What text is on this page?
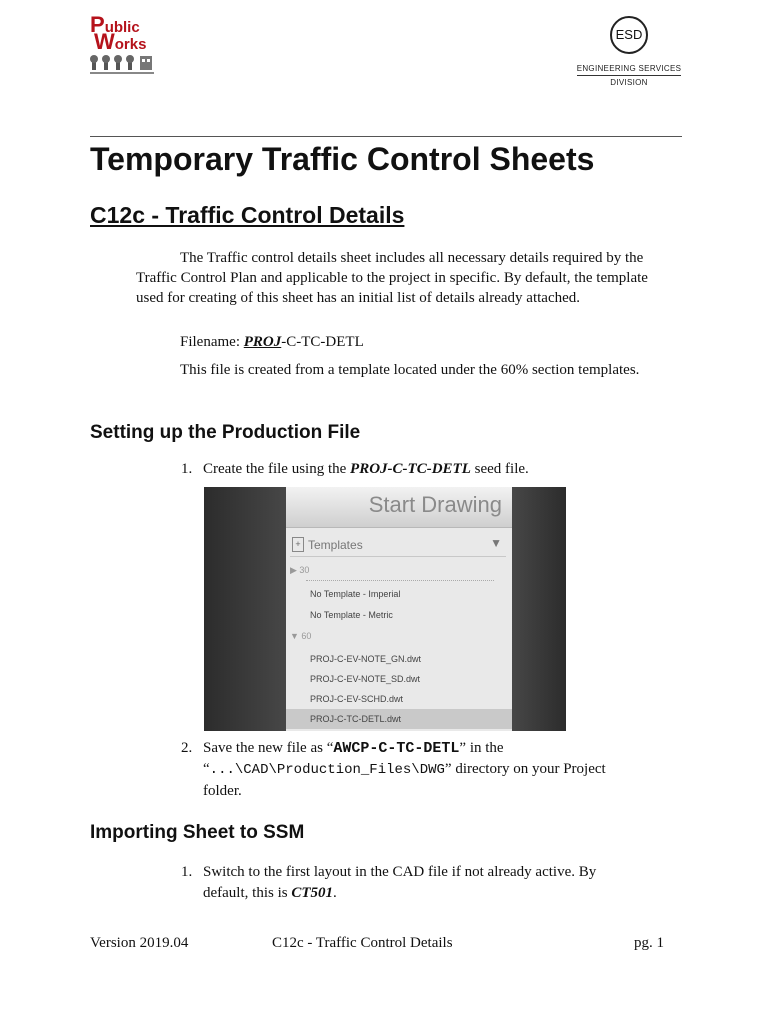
Public
Works
ESD
ENGINEERING SERVICES
DIVISION
Temporary Traffic Control Sheets
C12c - Traffic Control Details
The Traffic control details sheet includes all necessary details required by the Traffic Control Plan and applicable to the project in specific. By default, the template used for creating of this sheet has an initial list of details already attached.
Filename: PROJ-C-TC-DETL
This file is created from a template located under the 60% section templates.
Setting up the Production File
1. Create the file using the PROJ-C-TC-DETL seed file.
Start Drawing
+ Templates	▼
▶ 30
No Template - Imperial
No Template - Metric
▼ 60
PROJ-C-EV-NOTE_GN.dwt
PROJ-C-EV-NOTE_SD.dwt
PROJ-C-EV-SCHD.dwt
PROJ-C-TC-DETL.dwt
2. Save the new file as “AWCP-C-TC-DETL” in the
“...\CAD\Production_Files\DWG” directory on your Project
folder.
Importing Sheet to SSM
1. Switch to the first layout in the CAD file if not already active. By
default, this is CT501.
Version 2019.04	C12c - Traffic Control Details	pg. 1
